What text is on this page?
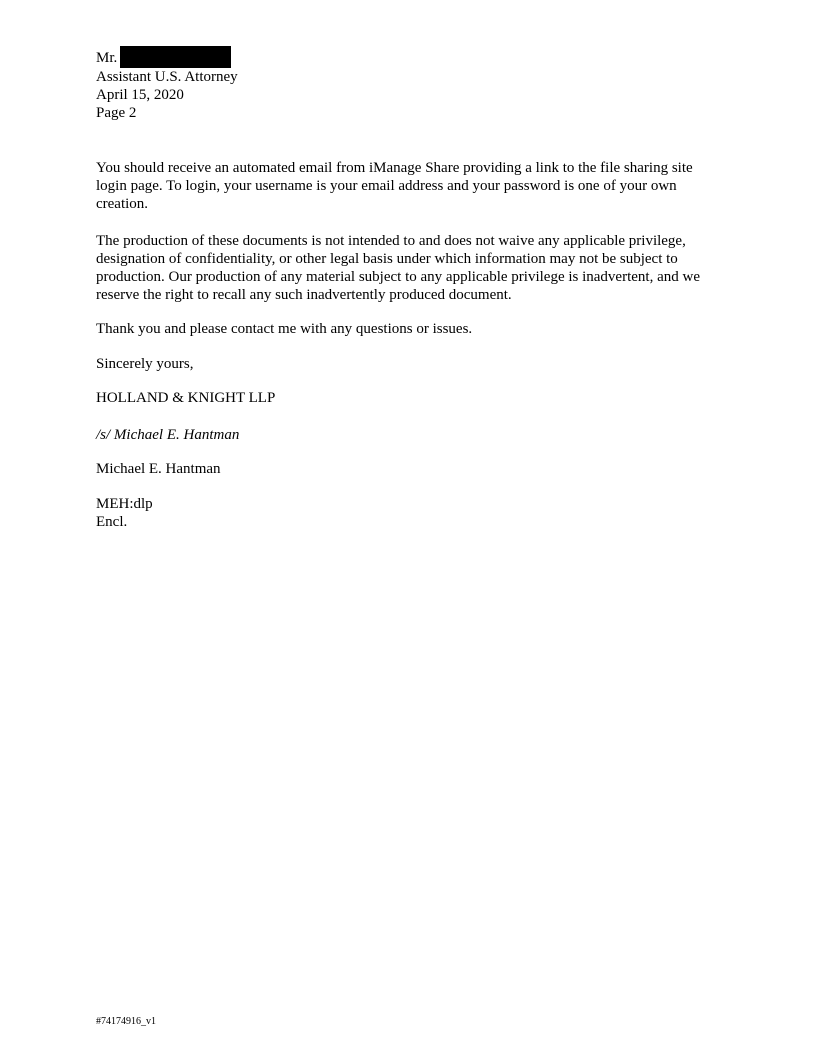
Mr.
Assistant U.S. Attorney
April 15, 2020
Page 2
You should receive an automated email from iManage Share providing a link to the file sharing site login page. To login, your username is your email address and your password is one of your own creation.
The production of these documents is not intended to and does not waive any applicable privilege, designation of confidentiality, or other legal basis under which information may not be subject to production. Our production of any material subject to any applicable privilege is inadvertent, and we reserve the right to recall any such inadvertently produced document.
Thank you and please contact me with any questions or issues.
Sincerely yours,
HOLLAND & KNIGHT LLP
/s/ Michael E. Hantman
Michael E. Hantman
MEH:dlp
Encl.
#74174916_v1
